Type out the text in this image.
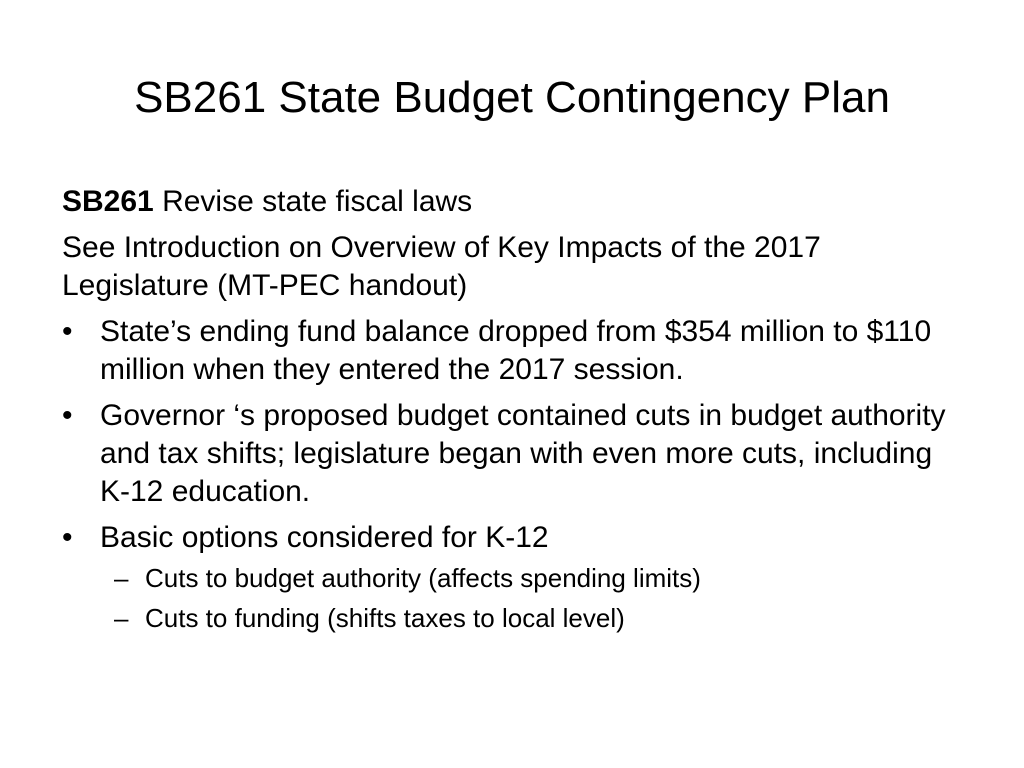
SB261 State Budget Contingency Plan
SB261 Revise state fiscal laws
See Introduction on Overview of Key Impacts of the 2017 Legislature (MT-PEC handout)
• State’s ending fund balance dropped from $354 million to $110 million when they entered the 2017 session.
• Governor ‘s proposed budget contained cuts in budget authority and tax shifts; legislature began with even more cuts, including K-12 education.
• Basic options considered for K-12
– Cuts to budget authority (affects spending limits)
– Cuts to funding (shifts taxes to local level)
